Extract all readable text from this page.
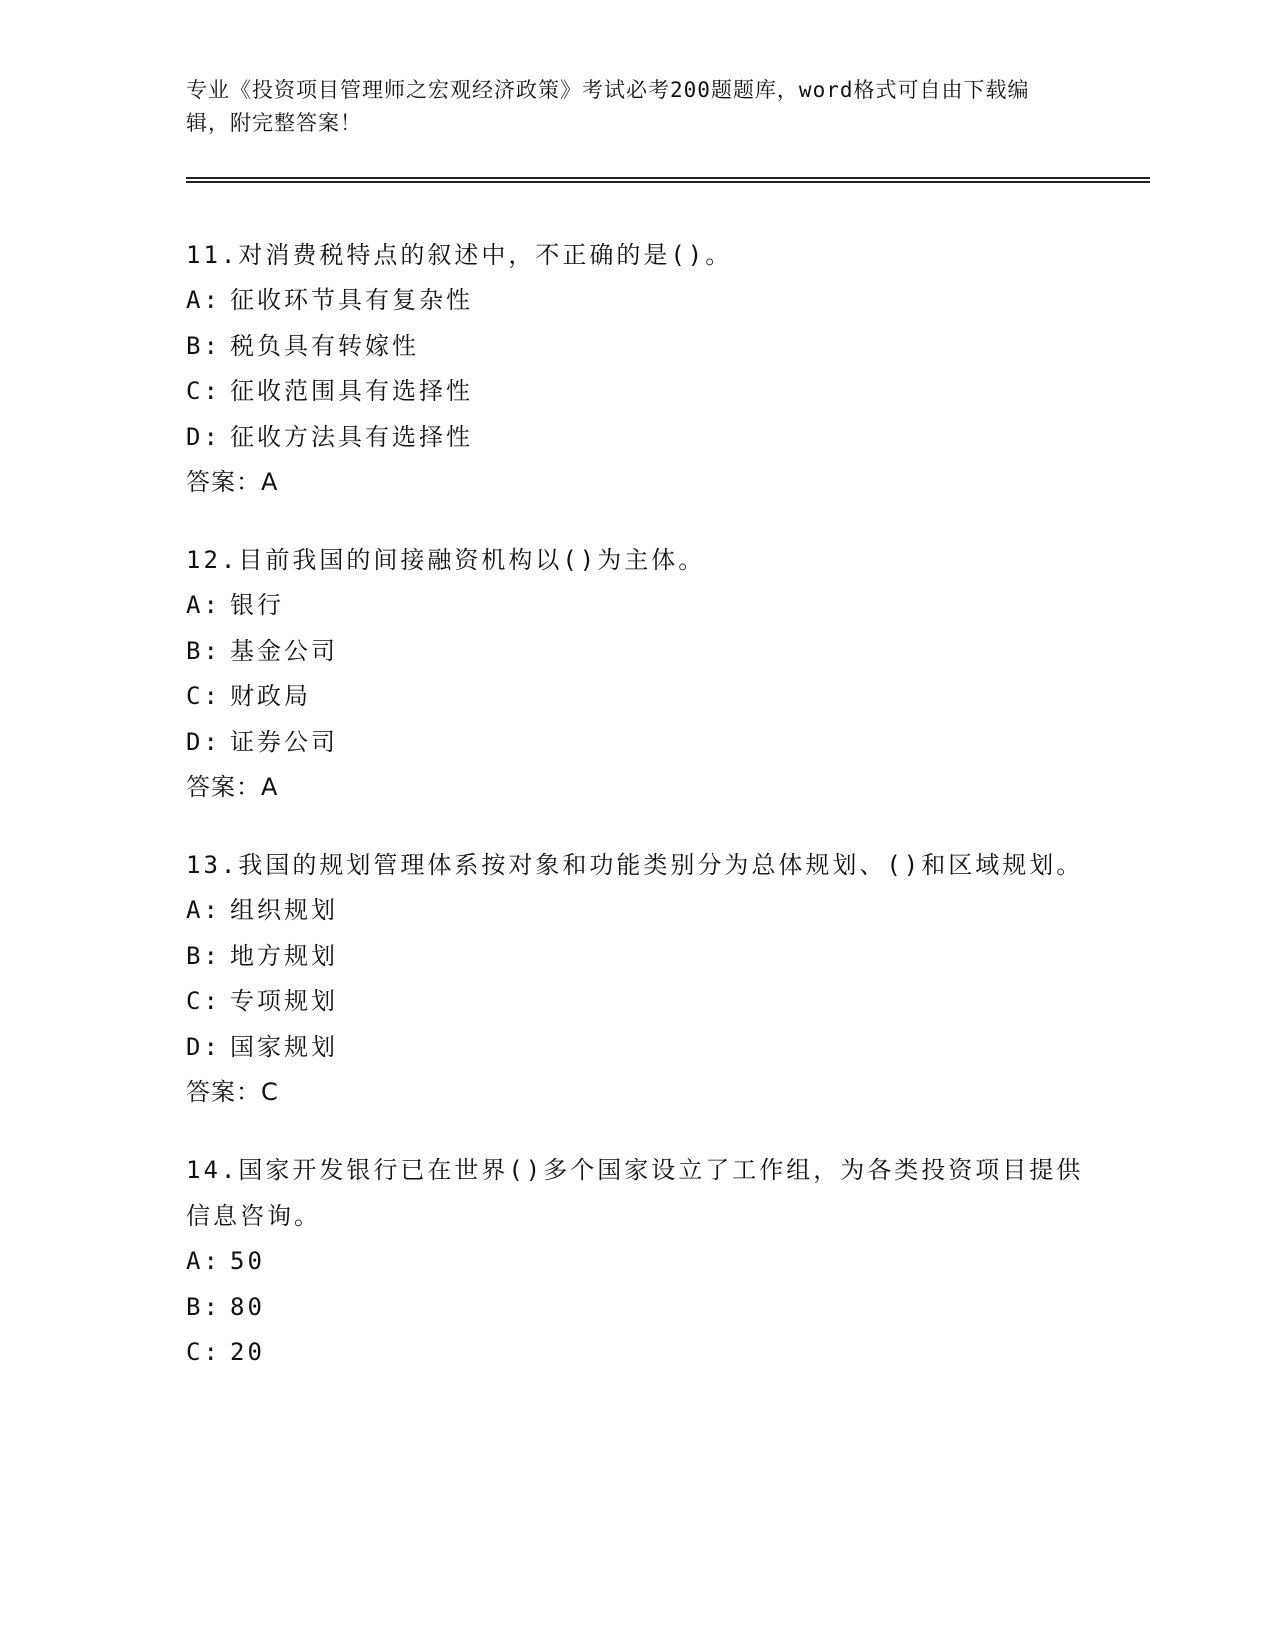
专业《投资项目管理师之宏观经济政策》考试必考200题题库，word格式可自由下载编辑，附完整答案！
11.对消费税特点的叙述中，不正确的是()。
A: 征收环节具有复杂性
B: 税负具有转嫁性
C: 征收范围具有选择性
D: 征收方法具有选择性
答案：A
12.目前我国的间接融资机构以()为主体。
A: 银行
B: 基金公司
C: 财政局
D: 证券公司
答案：A
13.我国的规划管理体系按对象和功能类别分为总体规划、()和区域规划。
A: 组织规划
B: 地方规划
C: 专项规划
D: 国家规划
答案：C
14.国家开发银行已在世界()多个国家设立了工作组，为各类投资项目提供信息咨询。
A: 50
B: 80
C: 20
